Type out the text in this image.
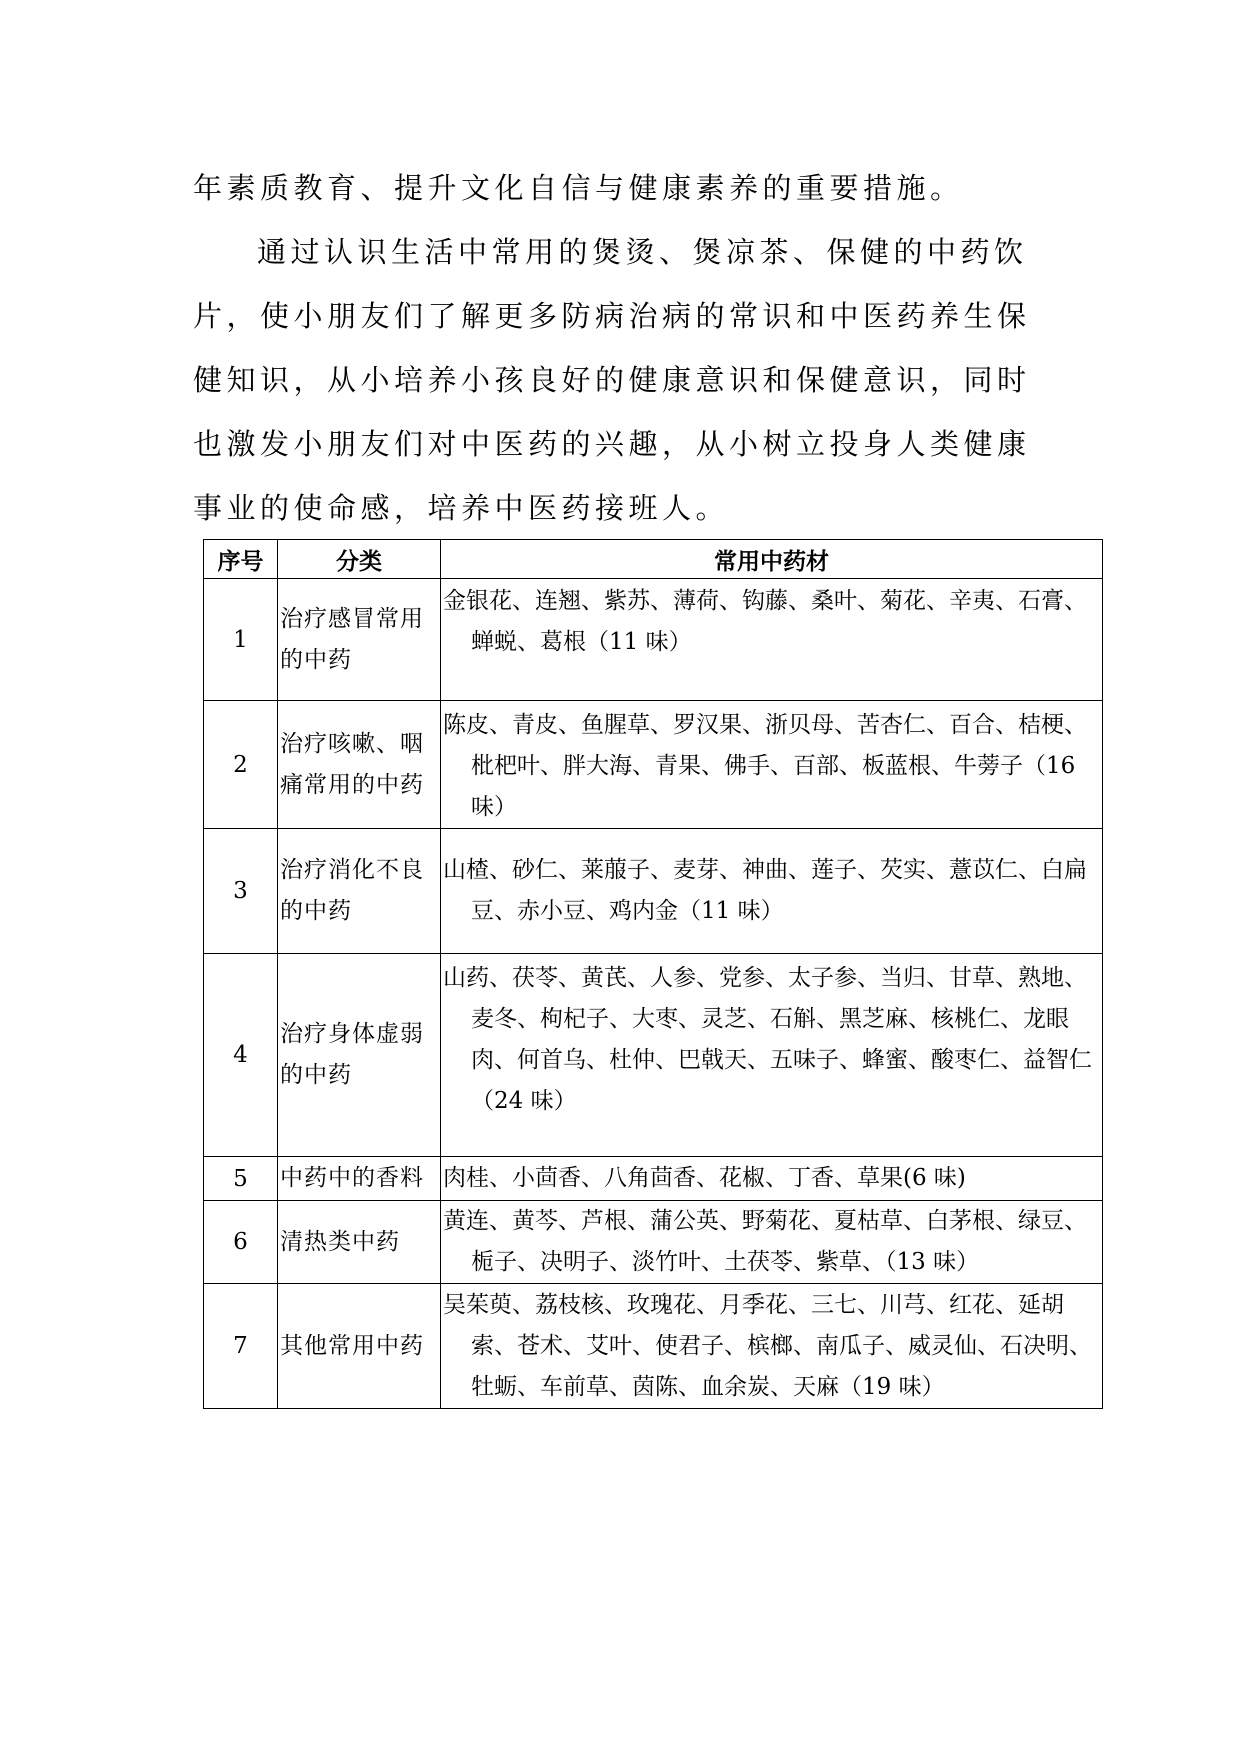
年素质教育、提升文化自信与健康素养的重要措施。

通过认识生活中常用的煲烫、煲凉茶、保健的中药饮片，使小朋友们了解更多防病治病的常识和中医药养生保健知识，从小培养小孩良好的健康意识和保健意识，同时也激发小朋友们对中医药的兴趣，从小树立投身人类健康事业的使命感，培养中医药接班人。

序号	分类	常用中药材
1	治疗感冒常用的中药	金银花、连翘、紫苏、薄荷、钩藤、桑叶、菊花、辛夷、石膏、蝉蜕、葛根（11 味）

2	治疗咳嗽、咽痛常用的中药	陈皮、青皮、鱼腥草、罗汉果、浙贝母、苦杏仁、百合、桔梗、枇杷叶、胖大海、青果、佛手、百部、板蓝根、牛蒡子（16 味）

3	治疗消化不良的中药	山楂、砂仁、莱菔子、麦芽、神曲、莲子、芡实、薏苡仁、白扁豆、赤小豆、鸡内金（11 味）

4	治疗身体虚弱的中药	山药、茯苓、黄芪、人参、党参、太子参、当归、甘草、熟地、麦冬、枸杞子、大枣、灵芝、石斛、黑芝麻、核桃仁、龙眼肉、何首乌、杜仲、巴戟天、五味子、蜂蜜、酸枣仁、益智仁（24 味）

5	中药中的香料	肉桂、小茴香、八角茴香、花椒、丁香、草果(6 味)

6	清热类中药	黄连、黄芩、芦根、蒲公英、野菊花、夏枯草、白茅根、绿豆、栀子、决明子、淡竹叶、土茯苓、紫草、（13 味）

7	其他常用中药	吴茱萸、荔枝核、玫瑰花、月季花、三七、川芎、红花、延胡索、苍术、艾叶、使君子、槟榔、南瓜子、威灵仙、石决明、牡蛎、车前草、茵陈、血余炭、天麻（19 味）
